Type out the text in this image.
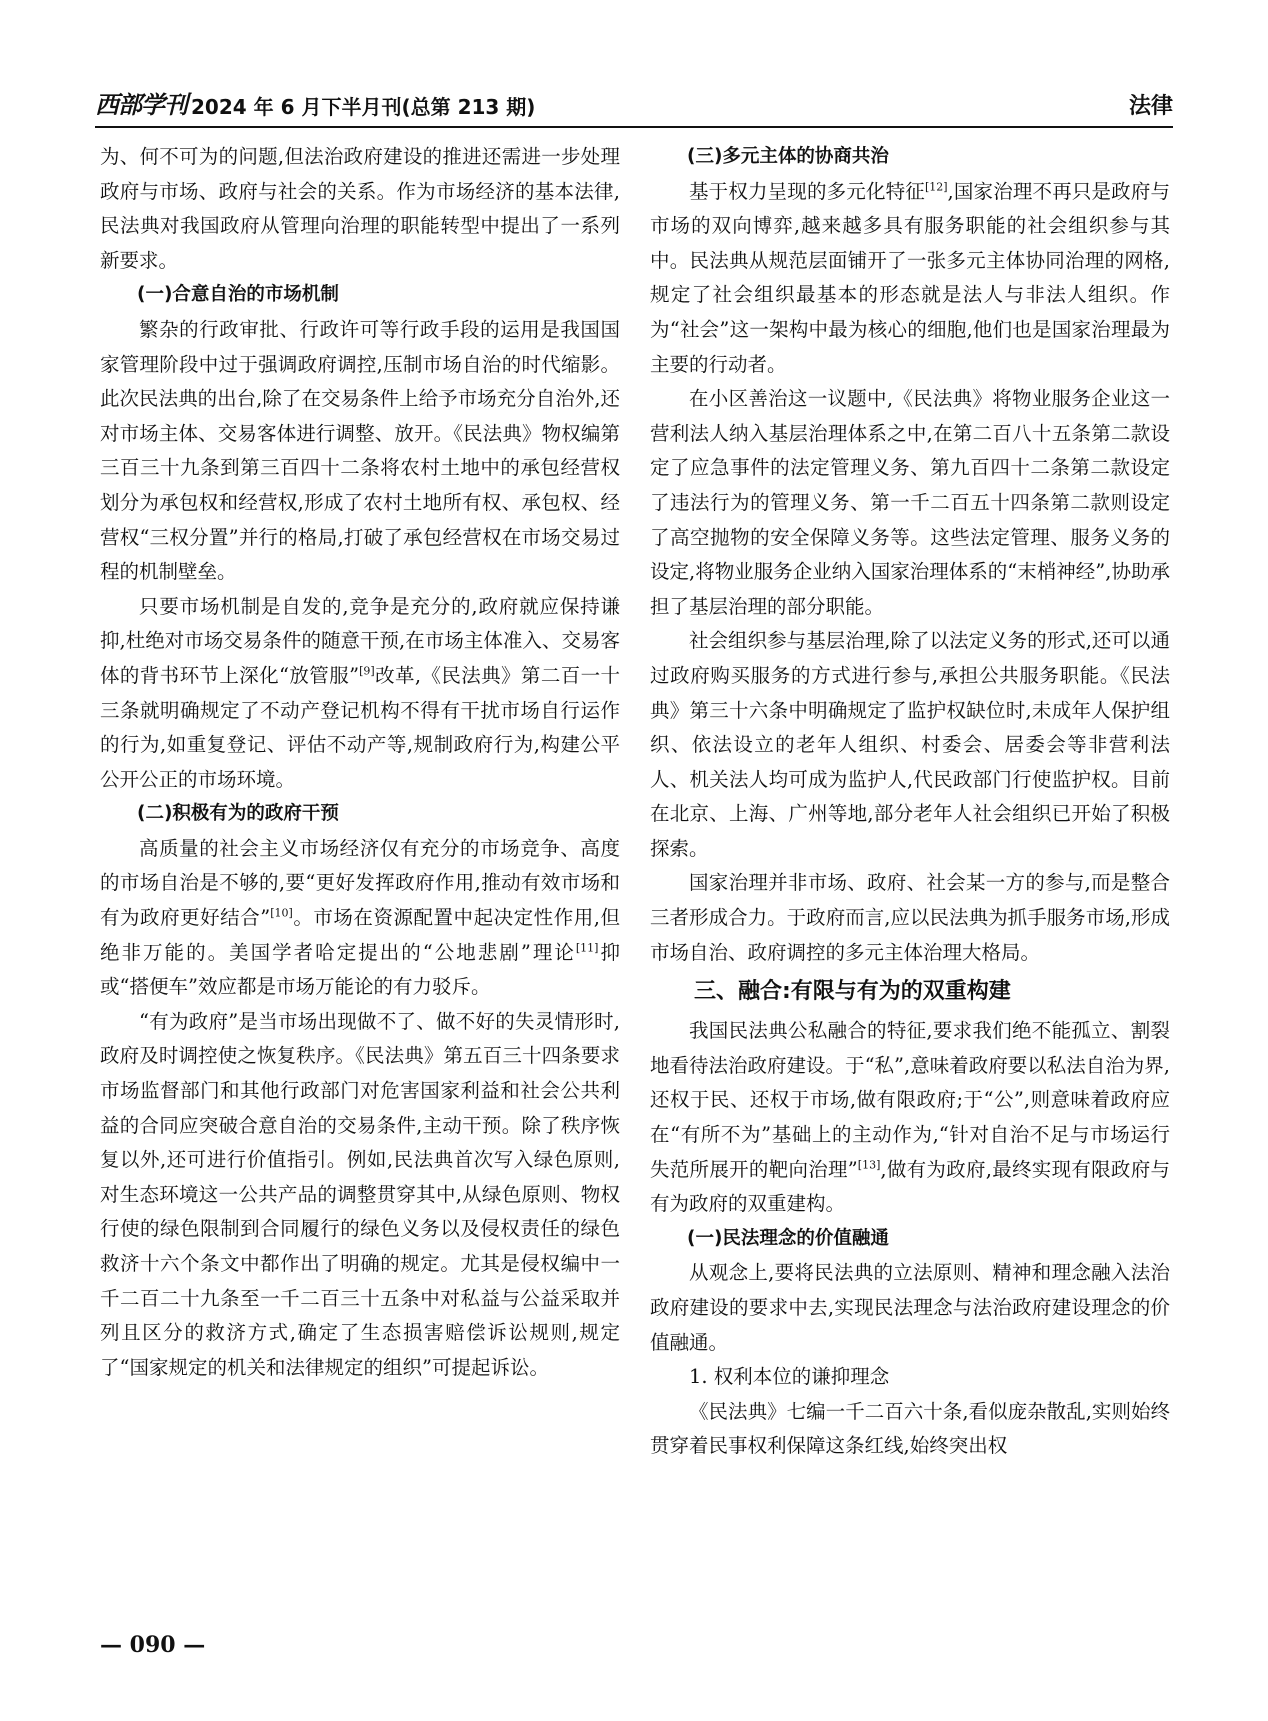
西部学刊 2024 年 6 月下半月刊(总第 213 期)	法律

为、何不可为的问题,但法治政府建设的推进还需进一步处理政府与市场、政府与社会的关系。作为市场经济的基本法律,民法典对我国政府从管理向治理的职能转型中提出了一系列新要求。

(一)合意自治的市场机制

繁杂的行政审批、行政许可等行政手段的运用是我国国家管理阶段中过于强调政府调控,压制市场自治的时代缩影。此次民法典的出台,除了在交易条件上给予市场充分自治外,还对市场主体、交易客体进行调整、放开。《民法典》物权编第三百三十九条到第三百四十二条将农村土地中的承包经营权划分为承包权和经营权,形成了农村土地所有权、承包权、经营权“三权分置”并行的格局,打破了承包经营权在市场交易过程的机制壁垒。

只要市场机制是自发的,竞争是充分的,政府就应保持谦抑,杜绝对市场交易条件的随意干预,在市场主体准入、交易客体的背书环节上深化“放管服”[9]改革,《民法典》第二百一十三条就明确规定了不动产登记机构不得有干扰市场自行运作的行为,如重复登记、评估不动产等,规制政府行为,构建公平公开公正的市场环境。

(二)积极有为的政府干预

高质量的社会主义市场经济仅有充分的市场竞争、高度的市场自治是不够的,要“更好发挥政府作用,推动有效市场和有为政府更好结合”[10]。市场在资源配置中起决定性作用,但绝非万能的。美国学者哈定提出的“公地悲剧”理论[11]抑或“搭便车”效应都是市场万能论的有力驳斥。

“有为政府”是当市场出现做不了、做不好的失灵情形时,政府及时调控使之恢复秩序。《民法典》第五百三十四条要求市场监督部门和其他行政部门对危害国家利益和社会公共利益的合同应突破合意自治的交易条件,主动干预。除了秩序恢复以外,还可进行价值指引。例如,民法典首次写入绿色原则,对生态环境这一公共产品的调整贯穿其中,从绿色原则、物权行使的绿色限制到合同履行的绿色义务以及侵权责任的绿色救济十六个条文中都作出了明确的规定。尤其是侵权编中一千二百二十九条至一千二百三十五条中对私益与公益采取并列且区分的救济方式,确定了生态损害赔偿诉讼规则,规定了“国家规定的机关和法律规定的组织”可提起诉讼。

(三)多元主体的协商共治

基于权力呈现的多元化特征[12],国家治理不再只是政府与市场的双向博弈,越来越多具有服务职能的社会组织参与其中。民法典从规范层面铺开了一张多元主体协同治理的网格,规定了社会组织最基本的形态就是法人与非法人组织。作为“社会”这一架构中最为核心的细胞,他们也是国家治理最为主要的行动者。

在小区善治这一议题中,《民法典》将物业服务企业这一营利法人纳入基层治理体系之中,在第二百八十五条第二款设定了应急事件的法定管理义务、第九百四十二条第二款设定了违法行为的管理义务、第一千二百五十四条第二款则设定了高空抛物的安全保障义务等。这些法定管理、服务义务的设定,将物业服务企业纳入国家治理体系的“末梢神经”,协助承担了基层治理的部分职能。

社会组织参与基层治理,除了以法定义务的形式,还可以通过政府购买服务的方式进行参与,承担公共服务职能。《民法典》第三十六条中明确规定了监护权缺位时,未成年人保护组织、依法设立的老年人组织、村委会、居委会等非营利法人、机关法人均可成为监护人,代民政部门行使监护权。目前在北京、上海、广州等地,部分老年人社会组织已开始了积极探索。

国家治理并非市场、政府、社会某一方的参与,而是整合三者形成合力。于政府而言,应以民法典为抓手服务市场,形成市场自治、政府调控的多元主体治理大格局。

三、融合:有限与有为的双重构建

我国民法典公私融合的特征,要求我们绝不能孤立、割裂地看待法治政府建设。于“私”,意味着政府要以私法自治为界,还权于民、还权于市场,做有限政府;于“公”,则意味着政府应在“有所不为”基础上的主动作为,“针对自治不足与市场运行失范所展开的靶向治理”[13],做有为政府,最终实现有限政府与有为政府的双重建构。

(一)民法理念的价值融通

从观念上,要将民法典的立法原则、精神和理念融入法治政府建设的要求中去,实现民法理念与法治政府建设理念的价值融通。

1. 权利本位的谦抑理念

《民法典》七编一千二百六十条,看似庞杂散乱,实则始终贯穿着民事权利保障这条红线,始终突出权

— 090 —
